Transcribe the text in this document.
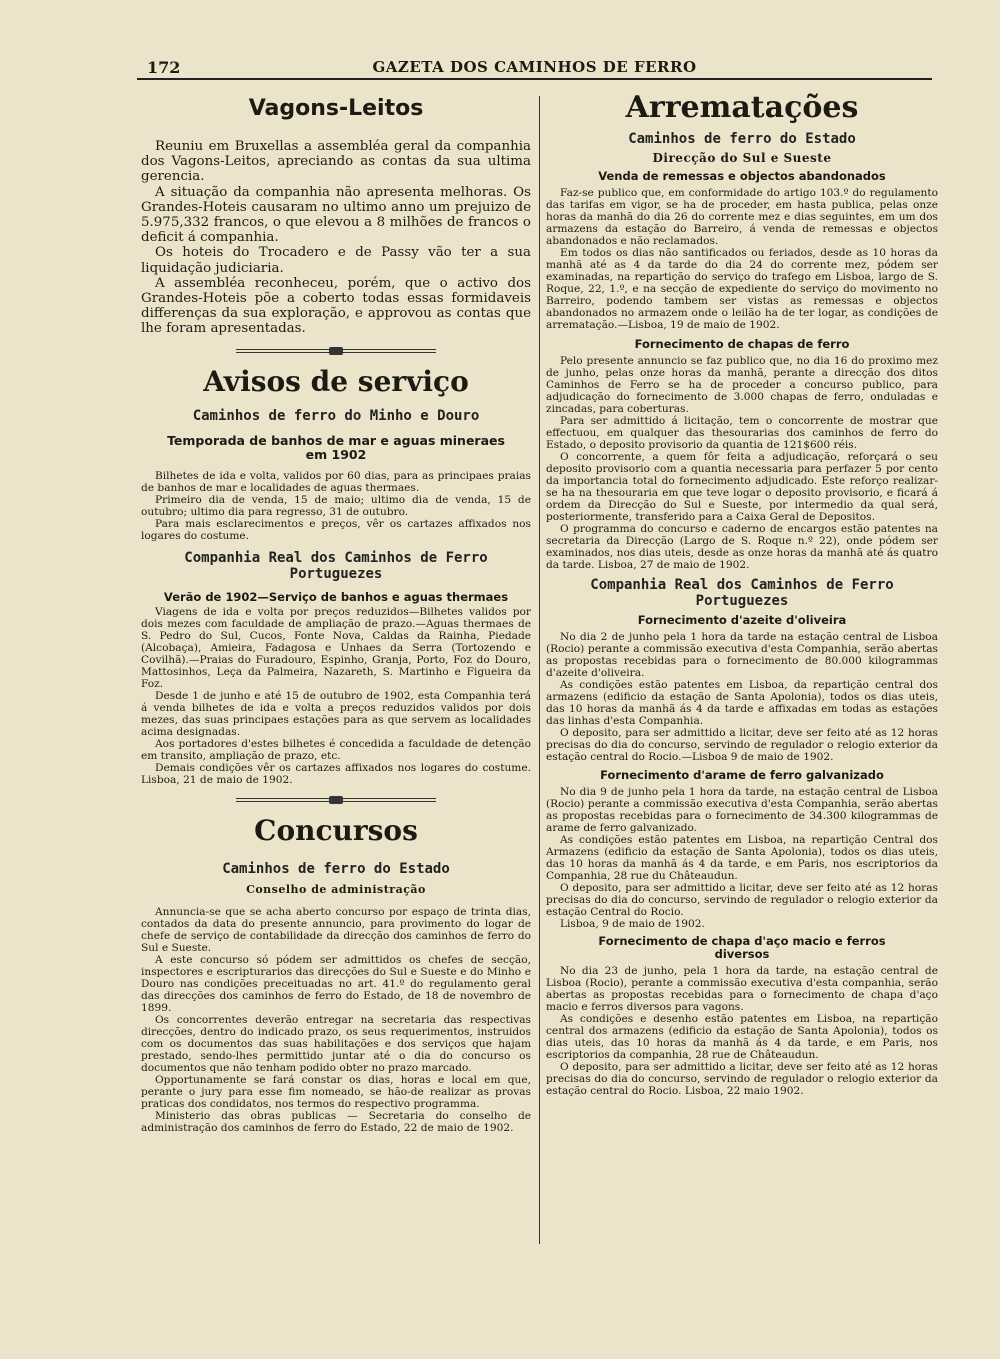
172	GAZETA DOS CAMINHOS DE FERRO
Vagons-Leitos

Reuniu em Bruxellas a assembléa geral da companhia dos Vagons-Leitos, apreciando as contas da sua ultima gerencia.

A situação da companhia não apresenta melhoras. Os Grandes-Hoteis causaram no ultimo anno um prejuizo de 5.975,332 francos, o que elevou a 8 milhões de francos o deficit á companhia.

Os hoteis do Trocadero e de Passy vão ter a sua liquidação judiciaria.

A assembléa reconheceu, porém, que o activo dos Grandes-Hoteis põe a coberto todas essas formidaveis differenças da sua exploração, e approvou as contas que lhe foram apresentadas.

Avisos de serviço
Caminhos de ferro do Minho e Douro
Temporada de banhos de mar e aguas mineraes em 1902

Bilhetes de ida e volta, validos por 60 dias, para as principaes praias de banhos de mar e localidades de aguas thermaes.

Primeiro dia de venda, 15 de maio; ultimo dia de venda, 15 de outubro; ultimo dia para regresso, 31 de outubro.

Para mais esclarecimentos e preços, vêr os cartazes affixados nos logares do costume.

Companhia Real dos Caminhos de Ferro Portuguezes
Verão de 1902—Serviço de banhos e aguas thermaes

Viagens de ida e volta por preços reduzidos—Bilhetes validos por dois mezes com faculdade de ampliação de prazo.—Aguas thermaes de S. Pedro do Sul, Cucos, Fonte Nova, Caldas da Rainha, Piedade (Alcobaça), Amieira, Fadagosa e Unhaes da Serra (Tortozendo e Covilhã).—Praias do Furadouro, Espinho, Granja, Porto, Foz do Douro, Mattosinhos, Leça da Palmeira, Nazareth, S. Martinho e Figueira da Foz.

Desde 1 de junho e até 15 de outubro de 1902, esta Companhia terá á venda bilhetes de ida e volta a preços reduzidos validos por dois mezes, das suas principaes estações para as que servem as localidades acima designadas.

Aos portadores d'estes bilhetes é concedida a faculdade de detenção em transito, ampliação de prazo, etc.

Demais condições vêr os cartazes affixados nos logares do costume. Lisboa, 21 de maio de 1902.

Concursos
Caminhos de ferro do Estado
Conselho de administração

Annuncia-se que se acha aberto concurso por espaço de trinta dias, contados da data do presente annuncio, para provimento do logar de chefe de serviço de contabilidade da direcção dos caminhos de ferro do Sul e Sueste.

A este concurso só pódem ser admittidos os chefes de secção, inspectores e escripturarios das direcções do Sul e Sueste e do Minho e Douro nas condições preceituadas no art. 41.º do regulamento geral das direcções dos caminhos de ferro do Estado, de 18 de novembro de 1899.

Os concorrentes deverão entregar na secretaria das respectivas direcções, dentro do indicado prazo, os seus requerimentos, instruidos com os documentos das suas habilitações e dos serviços que hajam prestado, sendo-lhes permittido juntar até o dia do concurso os documentos que não tenham podido obter no prazo marcado.

Opportunamente se fará constar os dias, horas e local em que, perante o jury para esse fim nomeado, se hão-de realizar as provas praticas dos condidatos, nos termos do respectivo programma.

Ministerio das obras publicas — Secretaria do conselho de administração dos caminhos de ferro do Estado, 22 de maio de 1902.

Arrematações
Caminhos de ferro do Estado
Direcção do Sul e Sueste
Venda de remessas e objectos abandonados

Faz-se publico que, em conformidade do artigo 103.º do regulamento das tarifas em vigor, se ha de proceder, em hasta publica, pelas onze horas da manhã do dia 26 do corrente mez e dias seguintes, em um dos armazens da estação do Barreiro, á venda de remessas e objectos abandonados e não reclamados.

Em todos os dias não santificados ou feriados, desde as 10 horas da manhã até as 4 da tarde do dia 24 do corrente mez, pódem ser examinadas, na repartição do serviço do trafego em Lisboa, largo de S. Roque, 22, 1.º, e na secção de expediente do serviço do movimento no Barreiro, podendo tambem ser vistas as remessas e objectos abandonados no armazem onde o leilão ha de ter logar, as condições de arrematação.—Lisboa, 19 de maio de 1902.

Fornecimento de chapas de ferro

Pelo presente annuncio se faz publico que, no dia 16 do proximo mez de junho, pelas onze horas da manhã, perante a direcção dos ditos Caminhos de Ferro se ha de proceder a concurso publico, para adjudicação do fornecimento de 3.000 chapas de ferro, onduladas e zincadas, para coberturas.

Para ser admittido á licitação, tem o concorrente de mostrar que effectuou, em qualquer das thesourarias dos caminhos de ferro do Estado, o deposito provisorio da quantia de 121$600 réis.

O concorrente, a quem fôr feita a adjudicação, reforçará o seu deposito provisorio com a quantia necessaria para perfazer 5 por cento da importancia total do fornecimento adjudicado. Este reforço realizar-se ha na thesouraria em que teve logar o deposito provisorio, e ficará á ordem da Direcção do Sul e Sueste, por intermedio da qual será, posteriormente, transferido para a Caixa Geral de Depositos.

O programma do concurso e caderno de encargos estão patentes na secretaria da Direcção (Largo de S. Roque n.º 22), onde pódem ser examinados, nos dias uteis, desde as onze horas da manhã até ás quatro da tarde. Lisboa, 27 de maio de 1902.

Companhia Real dos Caminhos de Ferro Portuguezes
Fornecimento d'azeite d'oliveira

No dia 2 de junho pela 1 hora da tarde na estação central de Lisboa (Rocio) perante a commissão executiva d'esta Companhia, serão abertas as propostas recebidas para o fornecimento de 80.000 kilogrammas d'azeite d'oliveira.

As condições estão patentes em Lisboa, da repartição central dos armazens (edificio da estação de Santa Apolonia), todos os dias uteis, das 10 horas da manhã ás 4 da tarde e affixadas em todas as estações das linhas d'esta Companhia.

O deposito, para ser admittido a licitar, deve ser feito até as 12 horas precisas do dia do concurso, servindo de regulador o relogio exterior da estação central do Rocio.—Lisboa 9 de maio de 1902.

Fornecimento d'arame de ferro galvanizado

No dia 9 de junho pela 1 hora da tarde, na estação central de Lisboa (Rocio) perante a commissão executiva d'esta Companhia, serão abertas as propostas recebidas para o fornecimento de 34.300 kilogrammas de arame de ferro galvanizado.

As condições estão patentes em Lisboa, na repartição Central dos Armazens (edificio da estação de Santa Apolonia), todos os dias uteis, das 10 horas da manhã ás 4 da tarde, e em Paris, nos escriptorios da Companhia, 28 rue du Châteaudun.

O deposito, para ser admittido a licitar, deve ser feito até as 12 horas precisas do dia do concurso, servindo de regulador o relogio exterior da estação Central do Rocio.

Lisboa, 9 de maio de 1902.

Fornecimento de chapa d'aço macio e ferros diversos

No dia 23 de junho, pela 1 hora da tarde, na estação central de Lisboa (Rocio), perante a commissão executiva d'esta companhia, serão abertas as propostas recebidas para o fornecimento de chapa d'aço macio e ferros diversos para vagons.

As condições e desenho estão patentes em Lisboa, na repartição central dos armazens (edificio da estação de Santa Apolonia), todos os dias uteis, das 10 horas da manhã ás 4 da tarde, e em Paris, nos escriptorios da companhia, 28 rue de Châteaudun.

O deposito, para ser admittido a licitar, deve ser feito até as 12 horas precisas do dia do concurso, servindo de regulador o relogio exterior da estação central do Rocio. Lisboa, 22 maio 1902.
